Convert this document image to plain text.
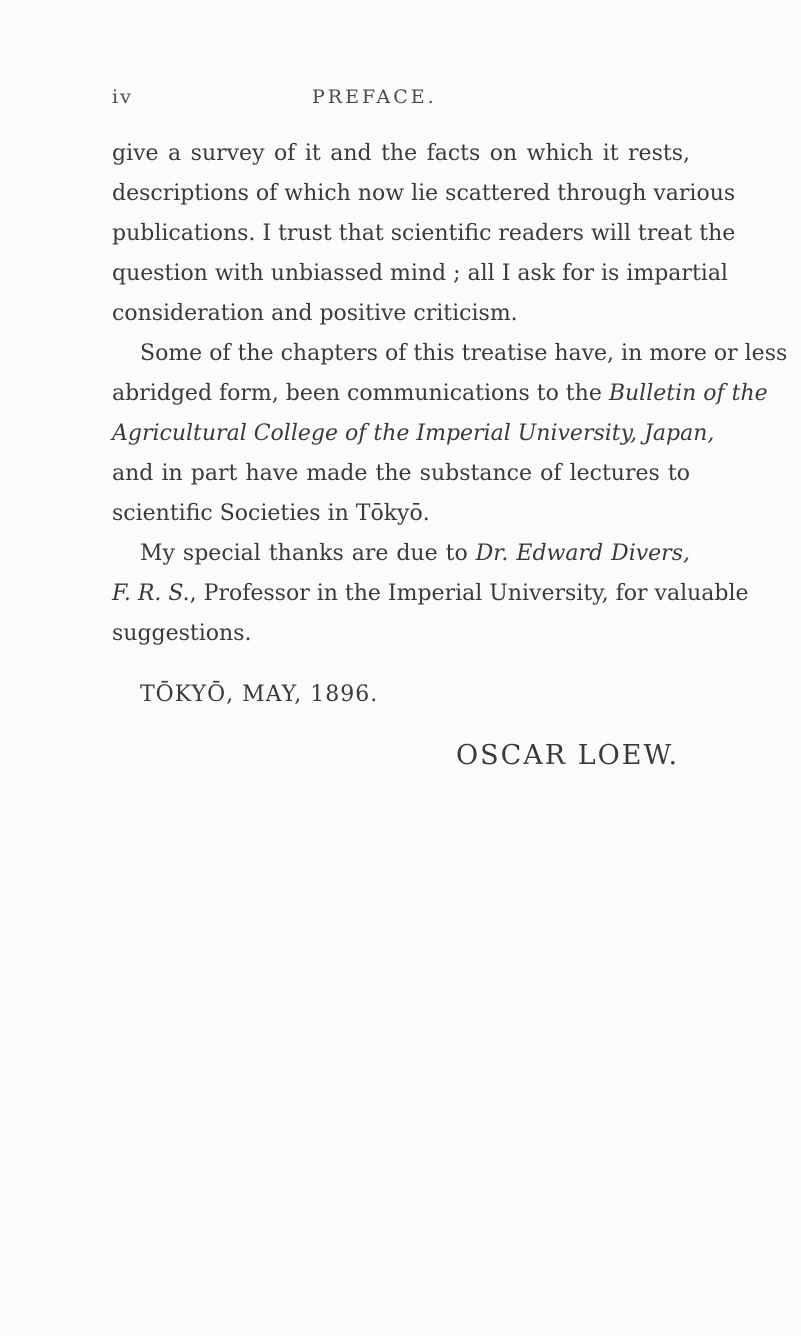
iv	PREFACE.
give a survey of it and the facts on which it rests,
descriptions of which now lie scattered through various
publications. I trust that scientific readers will treat the
question with unbiassed mind ; all I ask for is impartial
consideration and positive criticism.
Some of the chapters of this treatise have, in more or less
abridged form, been communications to the Bulletin of the
Agricultural College of the Imperial University, Japan,
and in part have made the substance of lectures to
scientific Societies in Tōkyō.
My special thanks are due to Dr. Edward Divers,
F. R. S., Professor in the Imperial University, for valuable
suggestions.
TŌKYŌ, MAY, 1896.
OSCAR LOEW.
